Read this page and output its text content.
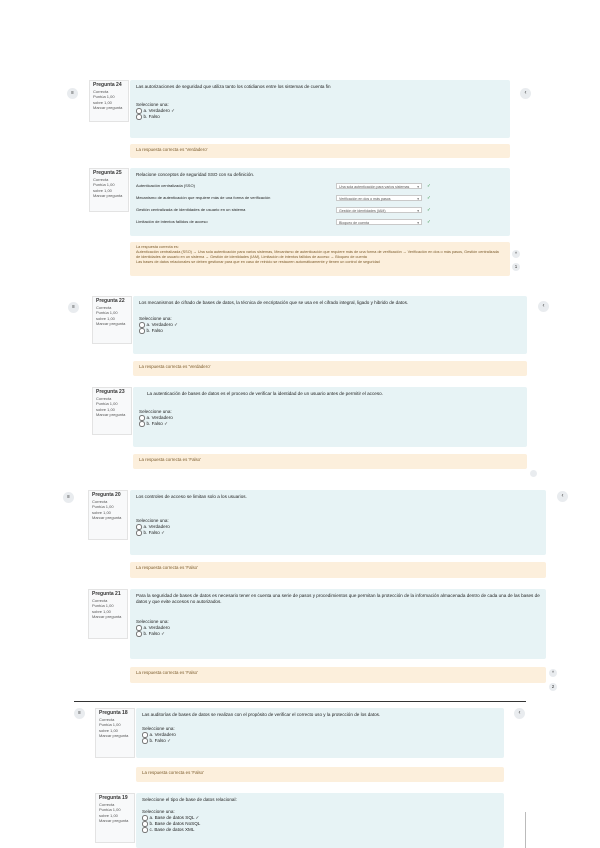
≡	‹
Pregunta 24
Correcta
Puntúa 1,00 sobre 1,00
Marcar pregunta
Las autorizaciones de seguridad que utiliza tanto los cotidianos entre los sistemas de cuenta fin
Seleccione una:
a. Verdadero ✓
b. Falso
La respuesta correcta es 'Verdadero'
Pregunta 25
Correcta
Puntúa 1,00 sobre 1,00
Marcar pregunta
Relacione conceptos de seguridad SSO con su definición.
Autenticación centralizada (SSO)	Una sola autenticación para varios sistemas ▾ ✓
Mecanismo de autenticación que requiere más de una forma de verificación	Verificación en dos o más pasos	▾ ✓
Gestión centralizada de identidades de usuario en un sistema	Gestión de identidades (IAM)	▾ ✓
Limitación de intentos fallidos de acceso	Bloqueo de cuenta	▾ ✓
La respuesta correcta es:
Autenticación centralizada (SSO) → Una sola autenticación para varios sistemas, Mecanismo de autenticación que requiere más de una forma de verificación → Verificación en dos o más pasos, Gestión centralizada de identidades de usuario en un sistema → Gestión de identidades (IAM), Limitación de intentos fallidos de acceso → Bloqueo de cuenta
Las bases de datos relacionales se deben gestionar para que en caso de reinicio se restauren automáticamente y tienen un control de seguridad
^
1
≡	‹
Pregunta 22
Correcta
Puntúa 1,00 sobre 1,00
Marcar pregunta
Los mecanismos de cifrado de bases de datos, la técnica de encriptación que se usa en el cifrado integral, ligado y hibrido de datos.
Seleccione una:
a. Verdadero ✓
b. Falso
La respuesta correcta es 'Verdadero'
Pregunta 23
Correcta
Puntúa 1,00 sobre 1,00
Marcar pregunta
La autenticación de bases de datos es el proceso de verificar la identidad de un usuario antes de permitir el acceso.
Seleccione una:
a. Verdadero
b. Falso ✓
La respuesta correcta es 'Falso'
≡	‹
Pregunta 20
Correcta
Puntúa 1,00 sobre 1,00
Marcar pregunta
Los controles de acceso se limitan solo a los usuarios.
Seleccione una:
a. Verdadero
b. Falso ✓
La respuesta correcta es 'Falso'
Pregunta 21
Correcta
Puntúa 1,00 sobre 1,00
Marcar pregunta
Para la seguridad de bases de datos es necesario tener en cuenta una serie de pasos y procedimientos que permitan la protección de la información almacenada dentro de cada una de las bases de datos y que evite accesos no autorizados.
Seleccione una:
a. Verdadero
b. Falso ✓
La respuesta correcta es 'Falso'	^
2
≡	‹
Pregunta 18
Correcta
Puntúa 1,00 sobre 1,00
Marcar pregunta
Las auditorías de bases de datos se realizan con el propósito de verificar el correcto uso y la protección de los datos.
Seleccione una:
a. Verdadero
b. Falso ✓
La respuesta correcta es 'Falso'
Pregunta 19
Correcta
Puntúa 1,00 sobre 1,00
Marcar pregunta
Seleccione el tipo de base de datos relacional:
Seleccione una:
a. Base de datos SQL ✓
b. Base de datos NoSQL
c. Base de datos XML
